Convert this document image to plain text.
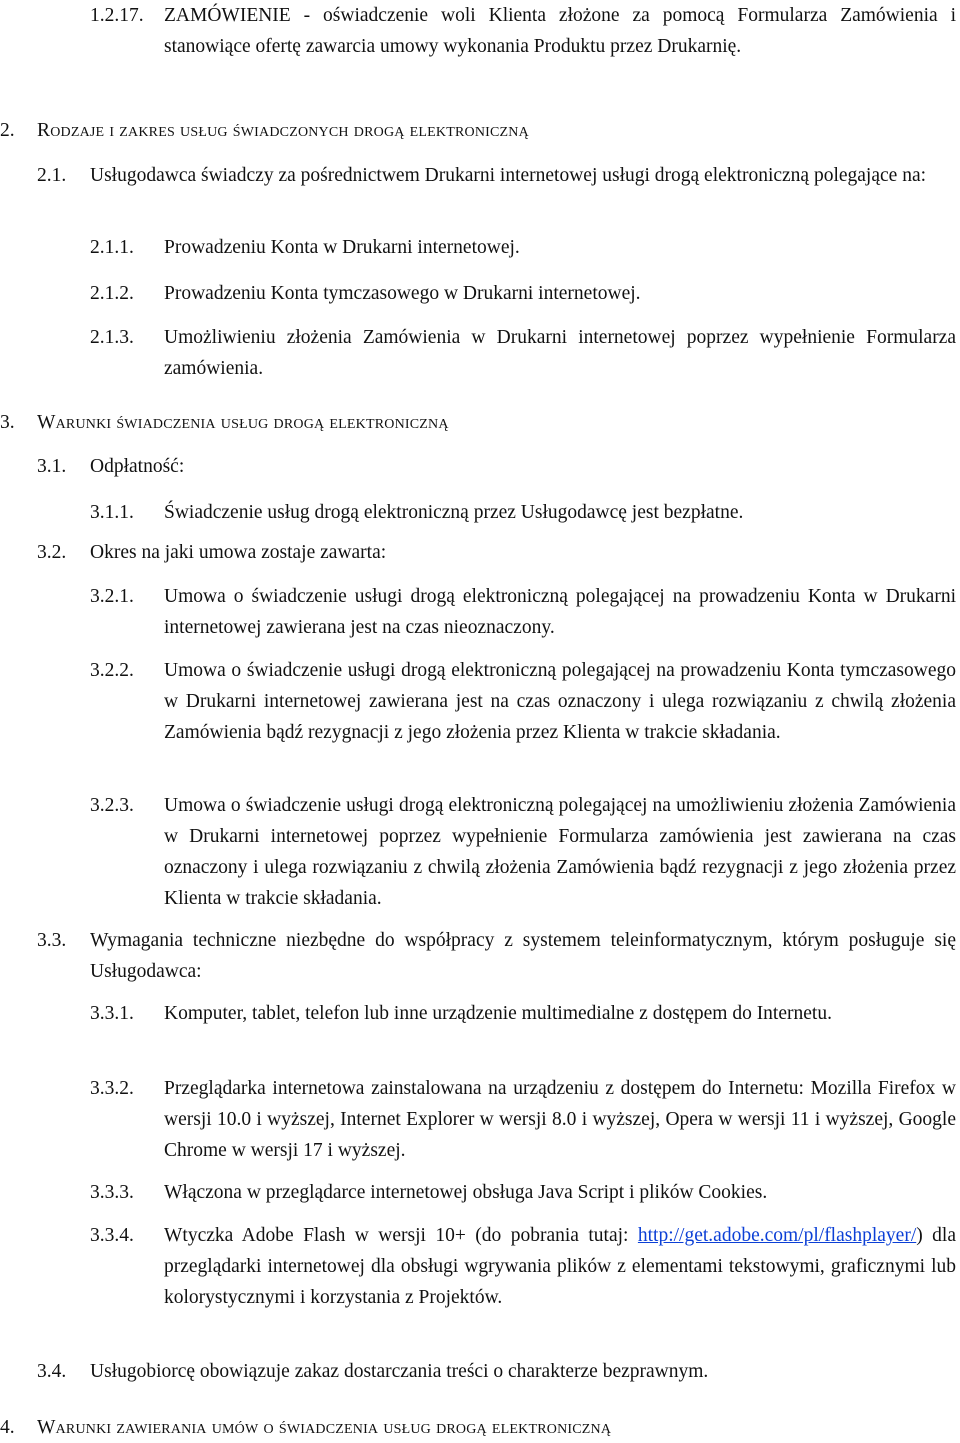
1.2.17. ZAMÓWIENIE - oświadczenie woli Klienta złożone za pomocą Formularza Zamówienia i stanowiące ofertę zawarcia umowy wykonania Produktu przez Drukarnię.
2. Rodzaje i zakres usług świadczonych drogą elektroniczną
2.1. Usługodawca świadczy za pośrednictwem Drukarni internetowej usługi drogą elektroniczną polegające na:
2.1.1. Prowadzeniu Konta w Drukarni internetowej.
2.1.2. Prowadzeniu Konta tymczasowego w Drukarni internetowej.
2.1.3. Umożliwieniu złożenia Zamówienia w Drukarni internetowej poprzez wypełnienie Formularza zamówienia.
3. Warunki świadczenia usług drogą elektroniczną
3.1. Odpłatność:
3.1.1. Świadczenie usług drogą elektroniczną przez Usługodawcę jest bezpłatne.
3.2. Okres na jaki umowa zostaje zawarta:
3.2.1. Umowa o świadczenie usługi drogą elektroniczną polegającej na prowadzeniu Konta w Drukarni internetowej zawierana jest na czas nieoznaczony.
3.2.2. Umowa o świadczenie usługi drogą elektroniczną polegającej na prowadzeniu Konta tymczasowego w Drukarni internetowej zawierana jest na czas oznaczony i ulega rozwiązaniu z chwilą złożenia Zamówienia bądź rezygnacji z jego złożenia przez Klienta w trakcie składania.
3.2.3. Umowa o świadczenie usługi drogą elektroniczną polegającej na umożliwieniu złożenia Zamówienia w Drukarni internetowej poprzez wypełnienie Formularza zamówienia jest zawierana na czas oznaczony i ulega rozwiązaniu z chwilą złożenia Zamówienia bądź rezygnacji z jego złożenia przez Klienta w trakcie składania.
3.3. Wymagania techniczne niezbędne do współpracy z systemem teleinformatycznym, którym posługuje się Usługodawca:
3.3.1. Komputer, tablet, telefon lub inne urządzenie multimedialne z dostępem do Internetu.
3.3.2. Przeglądarka internetowa zainstalowana na urządzeniu z dostępem do Internetu: Mozilla Firefox w wersji 10.0 i wyższej, Internet Explorer w wersji 8.0 i wyższej, Opera w wersji 11 i wyższej, Google Chrome w wersji 17 i wyższej.
3.3.3. Włączona w przeglądarce internetowej obsługa Java Script i plików Cookies.
3.3.4. Wtyczka Adobe Flash w wersji 10+ (do pobrania tutaj: http://get.adobe.com/pl/flashplayer/) dla przeglądarki internetowej dla obsługi wgrywania plików z elementami tekstowymi, graficznymi lub kolorystycznymi i korzystania z Projektów.
3.4. Usługobiorcę obowiązuje zakaz dostarczania treści o charakterze bezprawnym.
4. Warunki zawierania umów o świadczenia usług drogą elektroniczną
